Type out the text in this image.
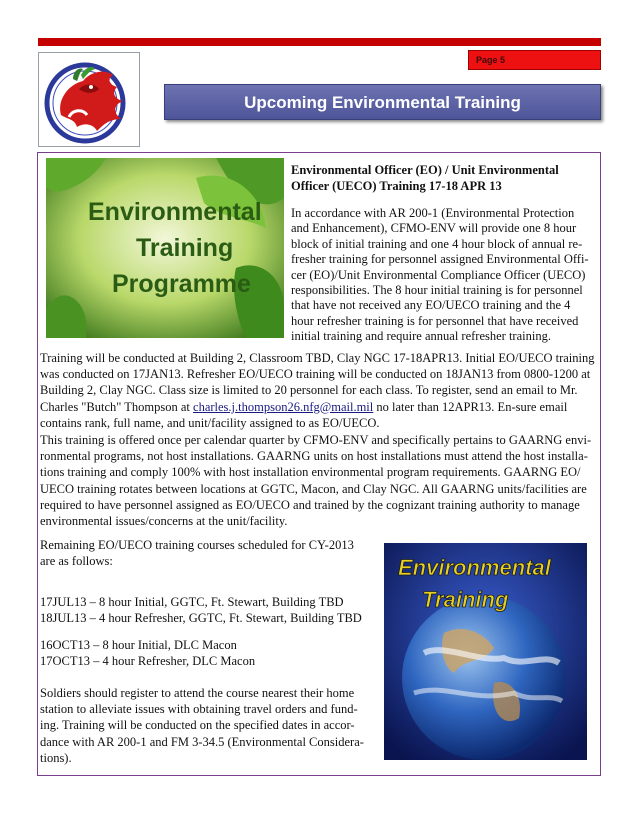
Page 5
Upcoming Environmental Training
Environmental
Training
Programme
Environmental Officer (EO) / Unit Environmental Officer (UECO) Training 17-18 APR 13
In accordance with AR 200-1 (Environmental Protection and Enhancement), CFMO-ENV will provide one 8 hour block of initial training and one 4 hour block of annual re-fresher training for personnel assigned Environmental Offi-cer (EO)/Unit Environmental Compliance Officer (UECO) responsibilities. The 8 hour initial training is for personnel that have not received any EO/UECO training and the 4 hour refresher training is for personnel that have received initial training and require annual refresher training.
Training will be conducted at Building 2, Classroom TBD, Clay NGC 17-18APR13. Initial EO/UECO training was conducted on 17JAN13. Refresher EO/UECO training will be conducted on 18JAN13 from 0800-1200 at Building 2, Clay NGC. Class size is limited to 20 personnel for each class. To register, send an email to Mr. Charles "Butch" Thompson at charles.j.thompson26.nfg@mail.mil no later than 12APR13. En-sure email contains rank, full name, and unit/facility assigned to as EO/UECO.
This training is offered once per calendar quarter by CFMO-ENV and specifically pertains to GAARNG envi-ronmental programs, not host installations. GAARNG units on host installations must attend the host installa-tions training and comply 100% with host installation environmental program requirements. GAARNG EO/ UECO training rotates between locations at GGTC, Macon, and Clay NGC. All GAARNG units/facilities are required to have personnel assigned as EO/UECO and trained by the cognizant training authority to manage environmental issues/concerns at the unit/facility.
Remaining EO/UECO training courses scheduled for CY-2013 are as follows:
17JUL13 – 8 hour Initial, GGTC, Ft. Stewart, Building TBD
18JUL13 – 4 hour Refresher, GGTC, Ft. Stewart, Building TBD
16OCT13 – 8 hour Initial, DLC Macon
17OCT13 – 4 hour Refresher, DLC Macon
Soldiers should register to attend the course nearest their home station to alleviate issues with obtaining travel orders and fund-ing. Training will be conducted on the specified dates in accor-dance with AR 200-1 and FM 3-34.5 (Environmental Considera-tions).
Environmental
Training
